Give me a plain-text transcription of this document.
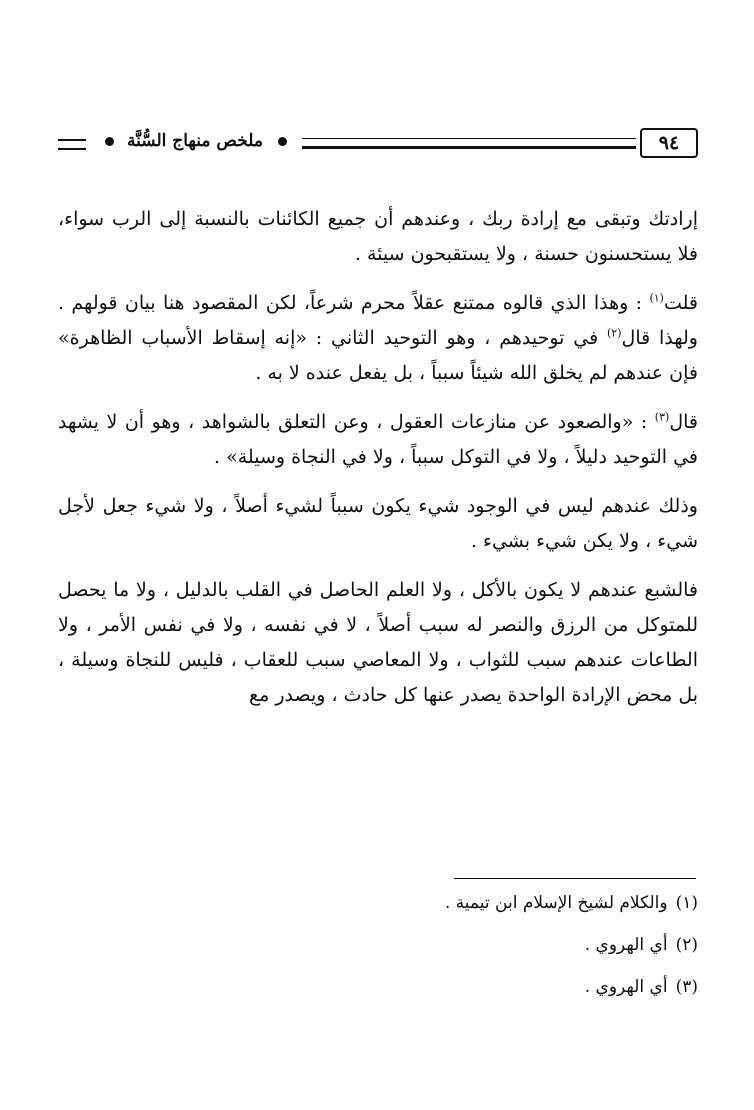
ملخص منهاج السُّنَّة	٩٤

إرادتك وتبقى مع إرادة ربك ، وعندهم أن جميع الكائنات بالنسبة إلى الرب سواء، فلا يستحسنون حسنة ، ولا يستقبحون سيئة .

قلت$^{(١)}$ : وهذا الذي قالوه ممتنع عقلاً محرم شرعاً، لكن المقصود هنا بيان قولهم . ولهذا قال$^{(٢)}$ في توحيدهم ، وهو التوحيد الثاني : «إنه إسقاط الأسباب الظاهرة» فإن عندهم لم يخلق الله شيئاً سبباً ، بل يفعل عنده لا به .

قال$^{(٣)}$ : «والصعود عن منازعات العقول ، وعن التعلق بالشواهد ، وهو أن لا يشهد في التوحيد دليلاً ، ولا في التوكل سبباً ، ولا في النجاة وسيلة» .

وذلك عندهم ليس في الوجود شيء يكون سبباً لشيء أصلاً ، ولا شيء جعل لأجل شيء ، ولا يكن شيء بشيء .

فالشبع عندهم لا يكون بالأكل ، ولا العلم الحاصل في القلب بالدليل ، ولا ما يحصل للمتوكل من الرزق والنصر له سبب أصلاً ، لا في نفسه ، ولا في نفس الأمر ، ولا الطاعات عندهم سبب للثواب ، ولا المعاصي سبب للعقاب ، فليس للنجاة وسيلة ، بل محض الإرادة الواحدة يصدر عنها كل حادث ، ويصدر مع

(١)والكلام لشيخ الإسلام ابن تيمية .
(٢)أي الهروي .
(٣)أي الهروي .
